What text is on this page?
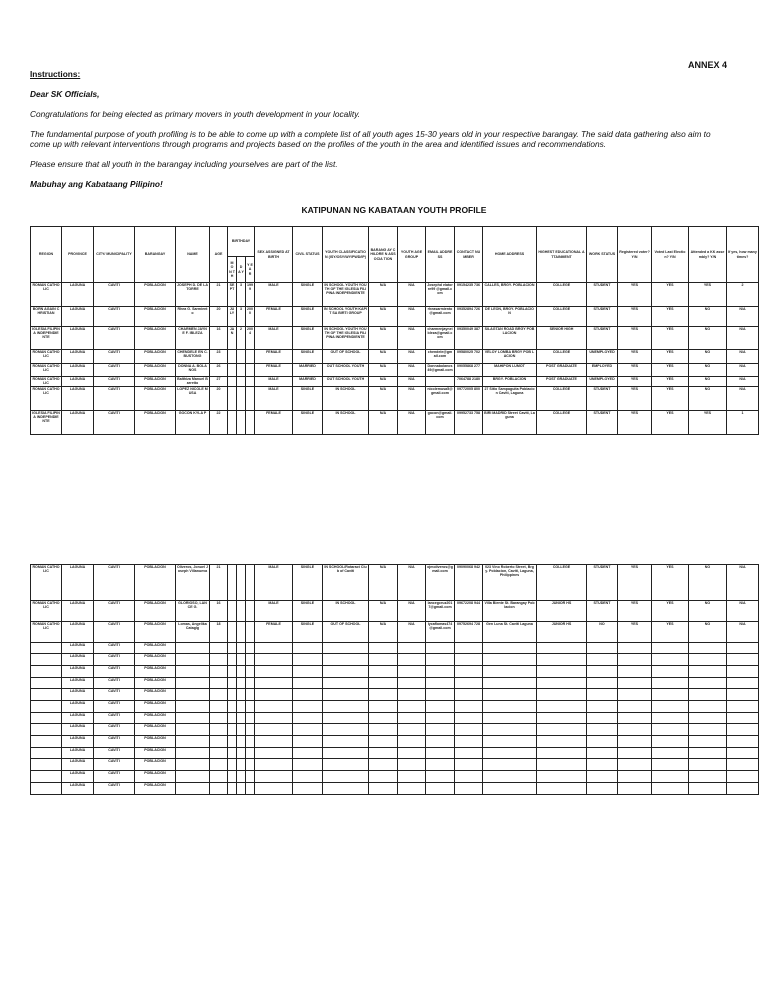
ANNEX 4

Instructions:

Dear SK Officials,

Congratulations for being elected as primary movers in youth development in your locality.

The fundamental purpose of youth profiling is to be able to come up with a complete list of all youth ages 15-30 years old in your respective barangay. The said data gathering also aim to come up with relevant interventions through programs and projects based on the profiles of the youth in the area and identified issues and recommendations.

Please ensure that all youth in the barangay including yourselves are part of the list.

Mabuhay ang Kabataang Pilipino!

KATIPUNAN NG KABATAAN YOUTH PROFILE
REGION	PROVINCE	CITY/ MUNICIPALITY	BARANGAY	NAME	AGE	BIRTHDAY			SEX ASSIGNED AT BIRTH	CIVIL STATUS	YOUTH CLASSIFICATION (ISY/OSY/WY/PWD/IP)	BARANG AY CHILDRE N ASSOCIA TION	YOUTH AGE GROUP	EMAIL ADDRESS	CONTACT NUMBER	HOME ADDRESS	HIGHEST EDUCATIONAL ATTAINMENT	WORK STATUS	Registered voter? Y/N	Voted Last Election? Y/N	Attended a KK assembly? Y/N	If yes, how many times?
						M O N T H	D A Y	Y E A R														
ROMAN CATHOLIC	LAGUNA	CAVITI	POBLACION	JOSEPH D. DE LA TORRE	21	SEPT	3	1999	MALE	SINGLE	IN SCHOOL YOUTH YOUTH OF THE IGLESIA FILIPINA INDEPENDIENTE	N/A	N/A	Josephd elatorre99 @gmail.com	09154235 736	CALLES, BRGY. POBLACION	COLLEGE	STUDENT	YES	YES	YES	2
BORN AGAIN CHRISTIAN	LAGUNA	CAVITI	POBLACION	Rhea G. Sarmiento	20	JULY	3	2000	FEMALE	SINGLE	IN SCHOOL YOUTH KAPIT SA BIRTI GROUP	N/A	N/A	rheasarmiento@gmail.com	09352894 726	DE LEON, BRGY. POBLACION	COLLEGE	STUDENT	YES	YES	NO	N/A
IGLESIA FILIPINA INDEPENDIENTE	LAGUNA	CAVITI	POBLACION	CHARMEN JAYNE F. IBLEZA	16	JAN	2	2004	MALE	SINGLE	IN SCHOOL YOUTH YOUTH OF THE IGLESIA FILIPINA INDEPENDIENTE	N/A	N/A	charmenjayneibleza@gmail.com	09350049 387	SILAGTAN ROAD BRGY POBLACION	SENIOR HIGH	STUDENT	YES	YES	NO	N/A
ROMAN CATHOLIC	LAGUNA	CAVITI	POBLACION	CHENDELE EN C. BUSTONG	23				FEMALE	SINGLE	OUT OF SCHOOL	N/A	N/A	chendele@gmail.com	09580025 702	VELOY LOMBA BRGY POB LACION	COLLEGE	UNEMPLOYED	YES	YES	NO	N/A
ROMAN CATHOLIC	LAGUNA	CAVITI	POBLACION	DONNA A. BOLANOS	26				FEMALE	MARRIED	OUT SCHOOL YOUTH	N/A	N/A	Donnabolanos49@gmail.com	09055868 277	MAHIPON LUMOT	POST GRADUATE	EMPLOYED	YES	YES	NO	N/A
ROMAN CATHOLIC	LAGUNA	CAVITI	POBLACION	Balthiza Manuel Barretto	27				MALE	MARRIED	OUT SCHOOL YOUTH	N/A	N/A		7064788 2180	BRGY. POBLACION	POST GRADUATE	UNEMPLOYED	YES	YES	NO	N/A
ROMAN CATHOLIC	LAGUNA	CAVITI	POBLACION	LOPEZ NICOLE MUSA	20				MALE	SINGLE	IN SCHOOL	N/A	N/A	nicolemusa5@gmail.com	09772005 800	27 Sitio Sampaguita Poblacion Caviti, Laguna	COLLEGE	STUDENT	YES	YES	NO	N/A
IGLESIA FILIPINA INDEPENDIENTE	LAGUNA	CAVITI	POBLACION	GOCON KYLA P	22				FEMALE	SINGLE	IN SCHOOL	N/A	N/A	gocon@gmail.com	09952733 758	BIRI MADRID Street Caviti, Laguna	COLLEGE	STUDENT	YES	YES	YES	1
ROMAN CATHOLIC	LAGUNA	CAVITI	POBLACION	Oliveros, Jonuel Joseph Villanueva	21				MALE	SINGLE	IN SCHOOL/Rotaract Club of Caviti	N/A	N/A	ojmoliveros@gmail.com	09090068 942	023 Vino Roberto Street, Brgy. Poblacion, Caviti, Laguna, Philippines	COLLEGE	STUDENT	YES	YES	NO	N/A
ROMAN CATHOLIC	LAGUNA	CAVITI	POBLACION	GLORIOSO, LANCE G.	16				MALE	SINGLE	IN SCHOOL	N/A	N/A	lancegcruz2017@gmail.com	09672208 944	Villa Biente St. Barangay Poblacion	JUNIOR HS	STUDENT	YES	YES	NO	N/A
ROMAN CATHOLIC	LAGUNA	CAVITI	POBLACION	Lomas, Angelika Cataglg	18				FEMALE	SINGLE	OUT OF SCHOOL	N/A	N/A	lycaflomas474@gmail.com	09752694 728	Gen Luna St. Caviti Laguna	JUNIOR HS	NO	YES	YES	NO	N/A
	LAGUNA	CAVITI	POBLACION																			
	LAGUNA	CAVITI	POBLACION																			
	LAGUNA	CAVITI	POBLACION																			
	LAGUNA	CAVITI	POBLACION																			
	LAGUNA	CAVITI	POBLACION																			
	LAGUNA	CAVITI	POBLACION																			
	LAGUNA	CAVITI	POBLACION																			
	LAGUNA	CAVITI	POBLACION																			
	LAGUNA	CAVITI	POBLACION																			
	LAGUNA	CAVITI	POBLACION																			
	LAGUNA	CAVITI	POBLACION																			
	LAGUNA	CAVITI	POBLACION																			
	LAGUNA	CAVITI	POBLACION																			
